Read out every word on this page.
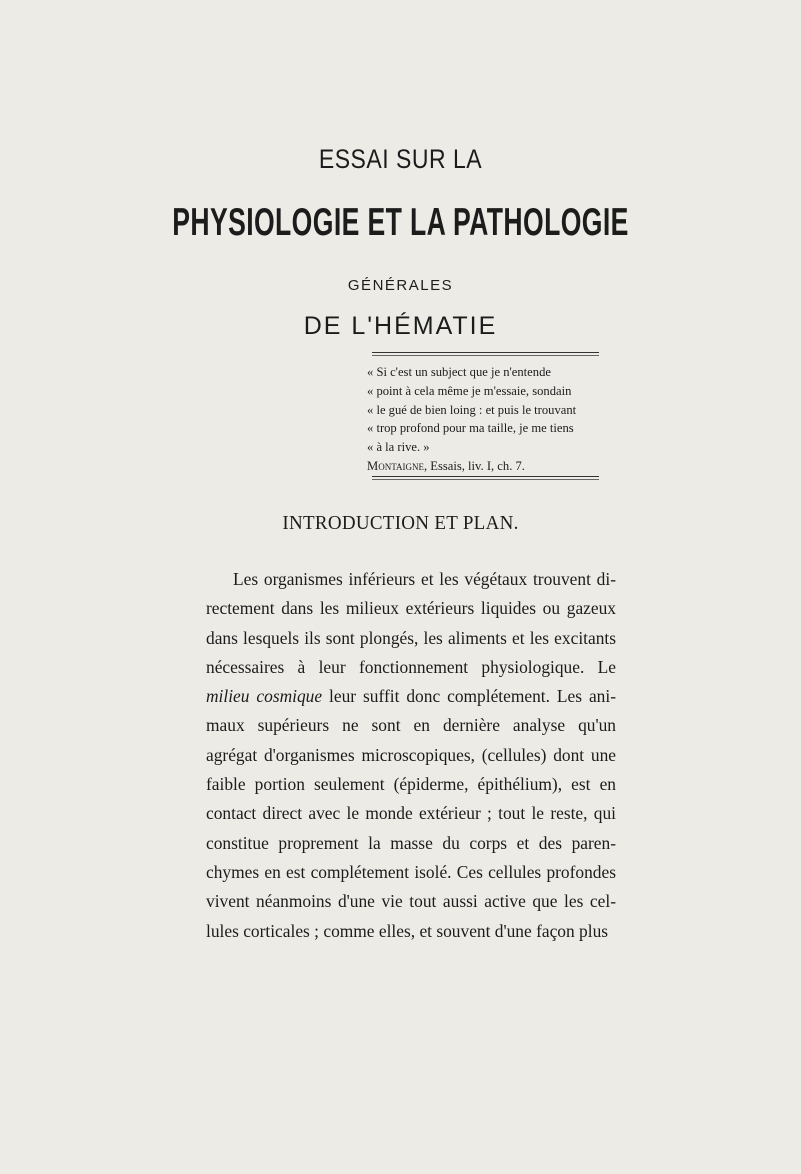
ESSAI SUR LA
PHYSIOLOGIE ET LA PATHOLOGIE
GÉNÉRALES
DE L'HÉMATIE
« Si c'est un subject que je n'entende
« point à cela même je m'essaie, sondain
« le gué de bien loing : et puis le trouvant
« trop profond pour ma taille, je me tiens
« à la rive. »
Montaigne, Essais, liv. I, ch. 7.
INTRODUCTION ET PLAN.
Les organismes inférieurs et les végétaux trouvent di-
rectement dans les milieux extérieurs liquides ou gazeux
dans lesquels ils sont plongés, les aliments et les excitants
nécessaires à leur fonctionnement physiologique. Le
milieu cosmique leur suffit donc complétement. Les ani-
maux supérieurs ne sont en dernière analyse qu'un
agrégat d'organismes microscopiques, (cellules) dont une
faible portion seulement (épiderme, épithélium), est en
contact direct avec le monde extérieur ; tout le reste, qui
constitue proprement la masse du corps et des paren-
chymes en est complétement isolé. Ces cellules profondes
vivent néanmoins d'une vie tout aussi active que les cel-
lules corticales ; comme elles, et souvent d'une façon plus
